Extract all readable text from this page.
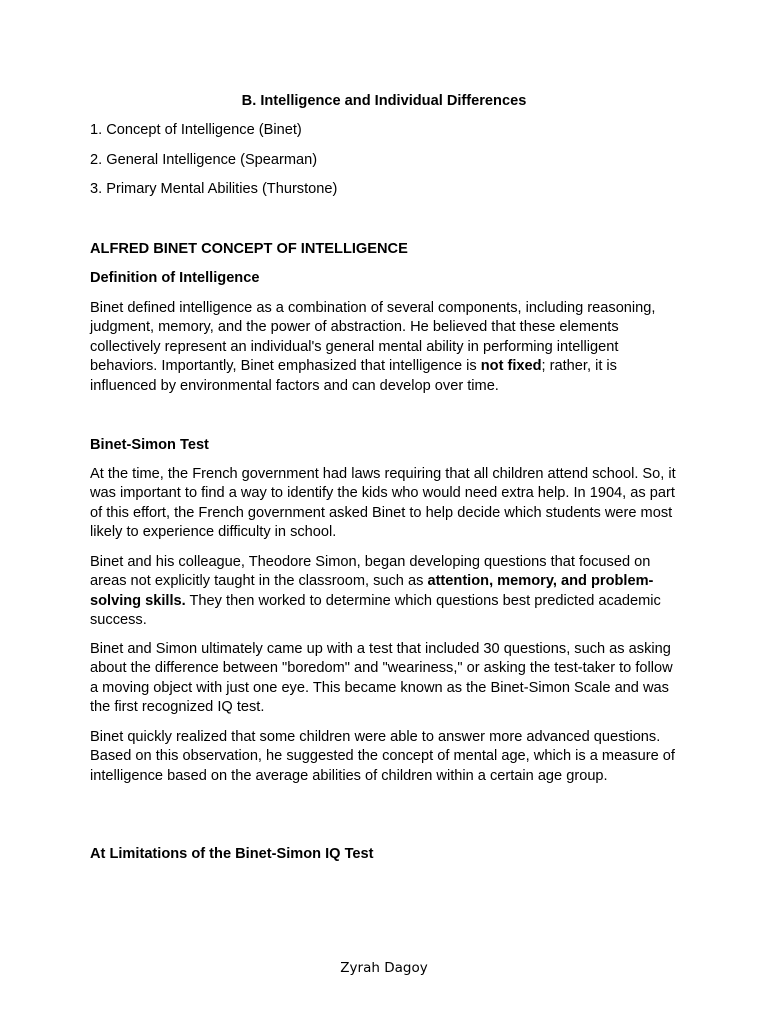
B. Intelligence and Individual Differences
1. Concept of Intelligence (Binet)
2. General Intelligence (Spearman)
3. Primary Mental Abilities (Thurstone)
ALFRED BINET CONCEPT OF INTELLIGENCE
Definition of Intelligence

Binet defined intelligence as a combination of several components, including reasoning, judgment, memory, and the power of abstraction. He believed that these elements collectively represent an individual's general mental ability in performing intelligent behaviors. Importantly, Binet emphasized that intelligence is not fixed; rather, it is influenced by environmental factors and can develop over time.

Binet-Simon Test

At the time, the French government had laws requiring that all children attend school. So, it was important to find a way to identify the kids who would need extra help. In 1904, as part of this effort, the French government asked Binet to help decide which students were most likely to experience difficulty in school.

Binet and his colleague, Theodore Simon, began developing questions that focused on areas not explicitly taught in the classroom, such as attention, memory, and problem-solving skills. They then worked to determine which questions best predicted academic success.

Binet and Simon ultimately came up with a test that included 30 questions, such as asking about the difference between "boredom" and "weariness," or asking the test-taker to follow a moving object with just one eye. This became known as the Binet-Simon Scale and was the first recognized IQ test.

Binet quickly realized that some children were able to answer more advanced questions. Based on this observation, he suggested the concept of mental age, which is a measure of intelligence based on the average abilities of children within a certain age group.

At Limitations of the Binet-Simon IQ Test
Zyrah Dagoy
